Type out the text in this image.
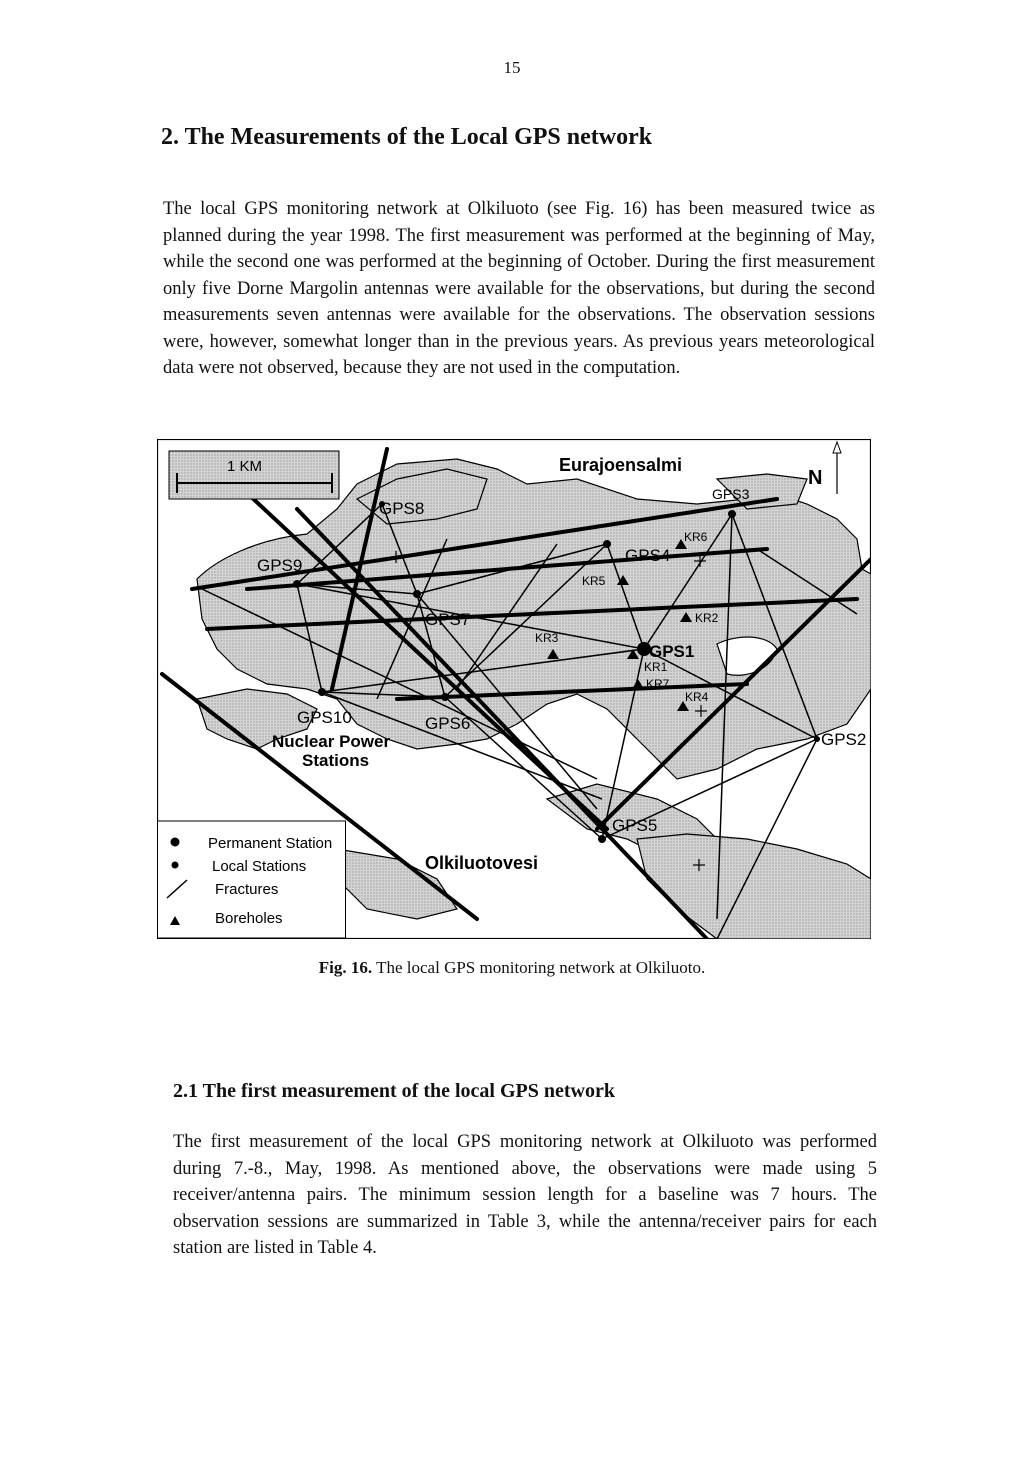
15
2. The Measurements of the Local GPS network

The local GPS monitoring network at Olkiluoto (see Fig. 16) has been measured twice as planned during the year 1998. The first measurement was performed at the beginning of May, while the second one was performed at the beginning of October. During the first measurement only five Dorne Margolin antennas were available for the observations, but during the second measurements seven antennas were available for the observations. The observation sessions were, however, somewhat longer than in the previous years. As previous years meteorological data were not observed, because they are not used in the computation.

1 KM
N
Eurajoensalmi
Olkiluotovesi
Nuclear Power
Stations
GPS1
GPS2
GPS3
GPS4
GPS5
GPS6
GPS7
GPS8
GPS9
GPS10
KR1
KR2
KR3
KR4
KR5
KR6
KR7
Permanent Station
Local Stations
Fractures
Boreholes
Fig. 16. The local GPS monitoring network at Olkiluoto.
2.1 The first measurement of the local GPS network

The first measurement of the local GPS monitoring network at Olkiluoto was performed during 7.-8., May, 1998. As mentioned above, the observations were made using 5 receiver/antenna pairs. The minimum session length for a baseline was 7 hours. The observation sessions are summarized in Table 3, while the antenna/receiver pairs for each station are listed in Table 4.
